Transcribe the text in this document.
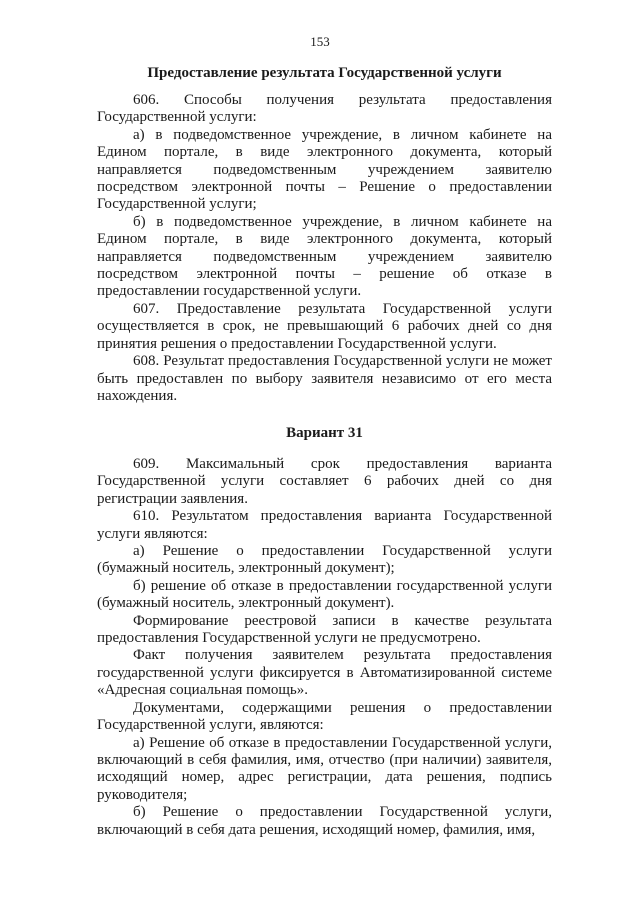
153
Предоставление результата Государственной услуги

606. Способы получения результата предоставления Государственной услуги:

а) в подведомственное учреждение, в личном кабинете на Едином портале, в виде электронного документа, который направляется подведомственным учреждением заявителю посредством электронной почты – Решение о предоставлении Государственной услуги;

б) в подведомственное учреждение, в личном кабинете на Едином портале, в виде электронного документа, который направляется подведомственным учреждением заявителю посредством электронной почты – решение об отказе в предоставлении государственной услуги.

607. Предоставление результата Государственной услуги осуществляется в срок, не превышающий 6 рабочих дней со дня принятия решения о предоставлении Государственной услуги.

608. Результат предоставления Государственной услуги не может быть предоставлен по выбору заявителя независимо от его места нахождения.

Вариант 31

609. Максимальный срок предоставления варианта Государственной услуги составляет 6 рабочих дней со дня регистрации заявления.

610. Результатом предоставления варианта Государственной услуги являются:

а) Решение о предоставлении Государственной услуги (бумажный носитель, электронный документ);

б) решение об отказе в предоставлении государственной услуги (бумажный носитель, электронный документ).

Формирование реестровой записи в качестве результата предоставления Государственной услуги не предусмотрено.

Факт получения заявителем результата предоставления государственной услуги фиксируется в Автоматизированной системе «Адресная социальная помощь».

Документами, содержащими решения о предоставлении Государственной услуги, являются:

а) Решение об отказе в предоставлении Государственной услуги, включающий в себя фамилия, имя, отчество (при наличии) заявителя, исходящий номер, адрес регистрации, дата решения, подпись руководителя;

б) Решение о предоставлении Государственной услуги, включающий в себя дата решения, исходящий номер, фамилия, имя,
